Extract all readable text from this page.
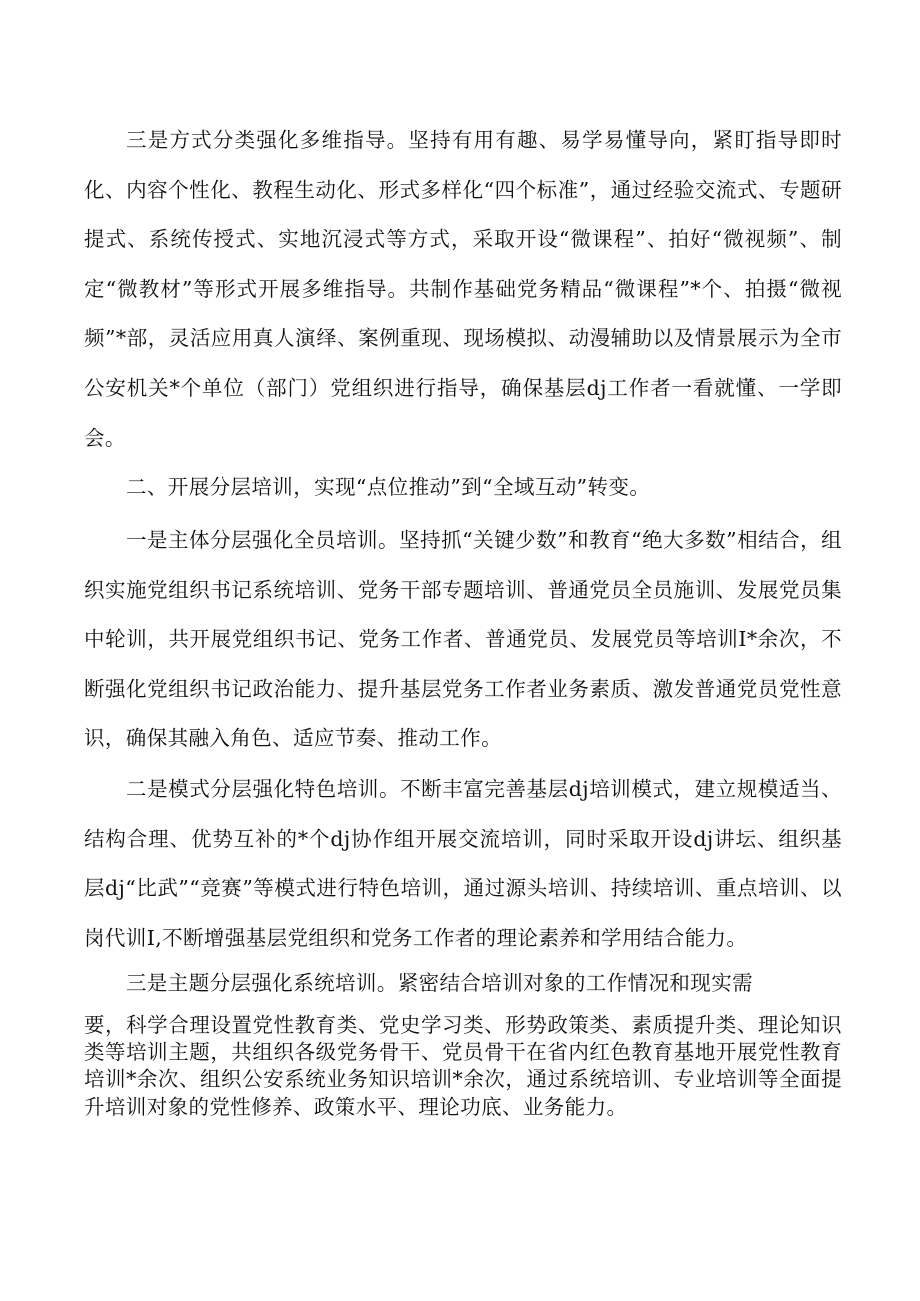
三是方式分类强化多维指导。坚持有用有趣、易学易懂导向，紧盯指导即时化、内容个性化、教程生动化、形式多样化“四个标准”，通过经验交流式、专题研提式、系统传授式、实地沉浸式等方式，采取开设“微课程”、拍好“微视频”、制定“微教材”等形式开展多维指导。共制作基础党务精品“微课程”*个、拍摄“微视频”*部，灵活应用真人演绎、案例重现、现场模拟、动漫辅助以及情景展示为全市公安机关*个单位（部门）党组织进行指导，确保基层dj工作者一看就懂、一学即会。

二、开展分层培训，实现“点位推动”到“全域互动”转变。

一是主体分层强化全员培训。坚持抓“关键少数”和教育“绝大多数”相结合，组织实施党组织书记系统培训、党务干部专题培训、普通党员全员施训、发展党员集中轮训，共开展党组织书记、党务工作者、普通党员、发展党员等培训I*余次，不断强化党组织书记政治能力、提升基层党务工作者业务素质、激发普通党员党性意识，确保其融入角色、适应节奏、推动工作。

二是模式分层强化特色培训。不断丰富完善基层dj培训模式，建立规模适当、结构合理、优势互补的*个dj协作组开展交流培训，同时采取开设dj讲坛、组织基层dj“比武”“竞赛”等模式进行特色培训，通过源头培训、持续培训、重点培训、以岗代训I,不断增强基层党组织和党务工作者的理论素养和学用结合能力。

三是主题分层强化系统培训。紧密结合培训对象的工作情况和现实需

要，科学合理设置党性教育类、党史学习类、形势政策类、素质提升类、理论知识类等培训主题，共组织各级党务骨干、党员骨干在省内红色教育基地开展党性教育培训*余次、组织公安系统业务知识培训*余次，通过系统培训、专业培训等全面提升培训对象的党性修养、政策水平、理论功底、业务能力。
